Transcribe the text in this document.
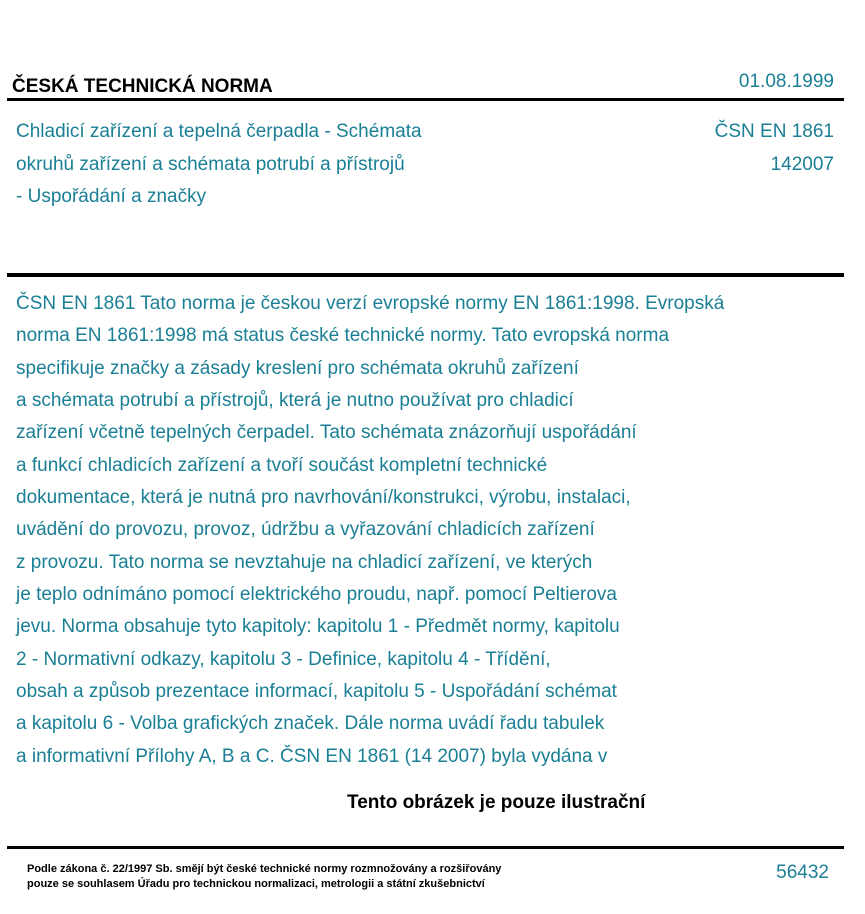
ČESKÁ TECHNICKÁ NORMA	01.08.1999
Chladicí zařízení a tepelná čerpadla - Schémata
okruhů zařízení a schémata potrubí a přístrojů
- Uspořádání a značky
ČSN EN 1861
142007
ČSN EN 1861 Tato norma je českou verzí evropské normy EN 1861:1998. Evropská
norma EN 1861:1998 má status české technické normy. Tato evropská norma
specifikuje značky a zásady kreslení pro schémata okruhů zařízení
a schémata potrubí a přístrojů, která je nutno používat pro chladicí
zařízení včetně tepelných čerpadel. Tato schémata znázorňují uspořádání
a funkcí chladicích zařízení a tvoří součást kompletní technické
dokumentace, která je nutná pro navrhování/konstrukci, výrobu, instalaci,
uvádění do provozu, provoz, údržbu a vyřazování chladicích zařízení
z provozu. Tato norma se nevztahuje na chladicí zařízení, ve kterých
je teplo odnímáno pomocí elektrického proudu, např. pomocí Peltierova
jevu. Norma obsahuje tyto kapitoly: kapitolu 1 - Předmět normy, kapitolu
2 - Normativní odkazy, kapitolu 3 - Definice, kapitolu 4 - Třídění,
obsah a způsob prezentace informací, kapitolu 5 - Uspořádání schémat
a kapitolu 6 - Volba grafických značek. Dále norma uvádí řadu tabulek
a informativní Přílohy A, B a C. ČSN EN 1861 (14 2007) byla vydána v
Tento obrázek je pouze ilustrační
Podle zákona č. 22/1997 Sb. smějí být české technické normy rozmnožovány a rozšiřovány
pouze se souhlasem Úřadu pro technickou normalizaci, metrologii a státní zkušebnictví
56432
